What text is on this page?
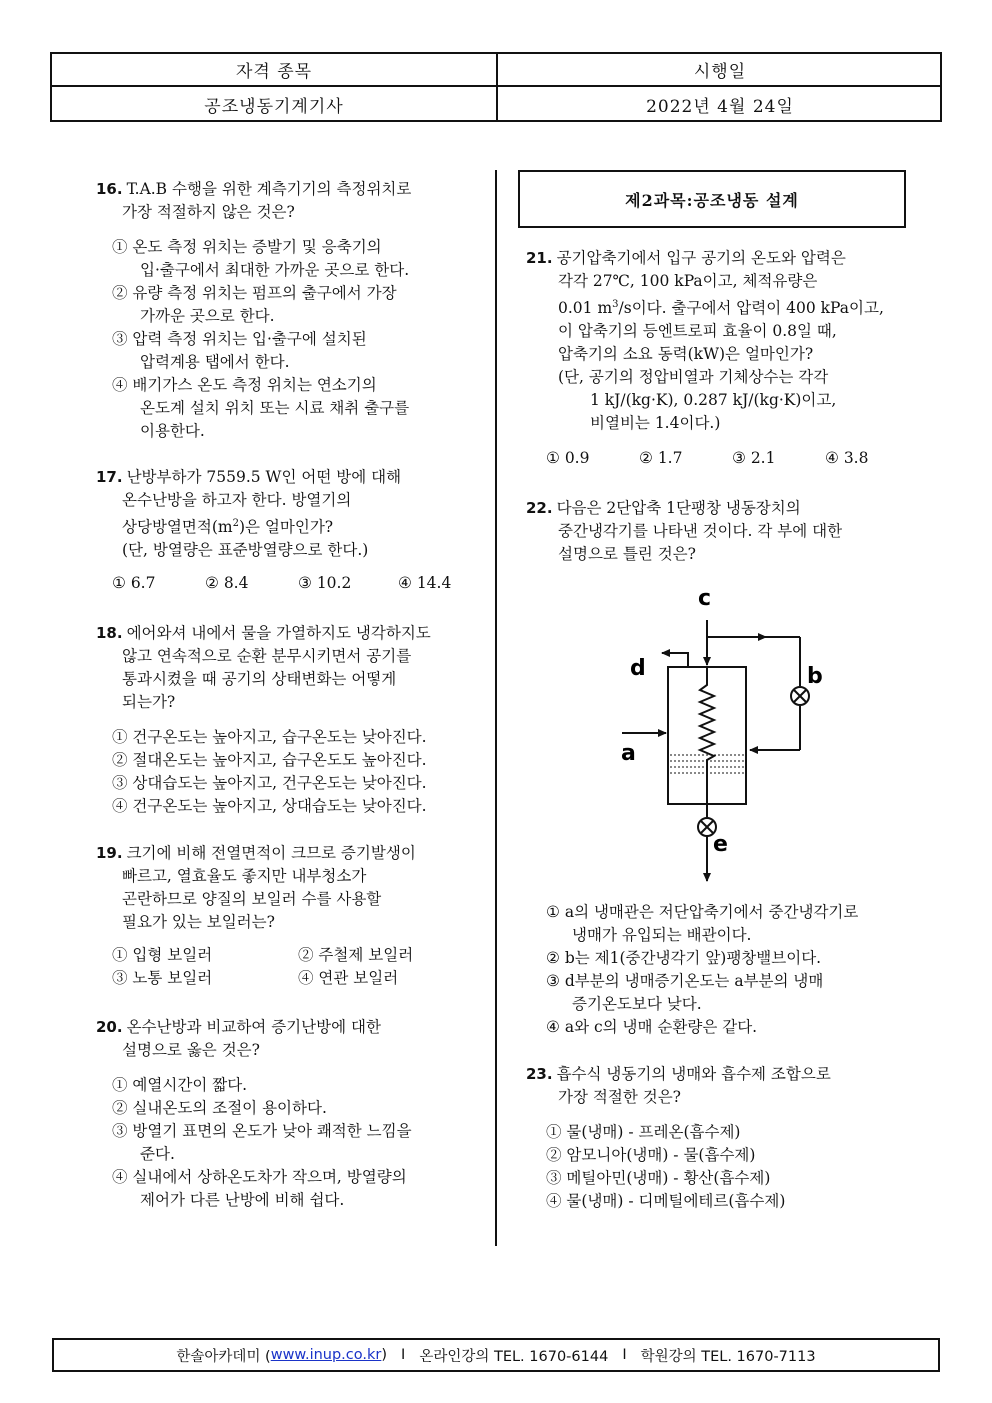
자격 종목	시행일
공조냉동기계기사	2022년 4월 24일
16. T.A.B 수행을 위한 계측기기의 측정위치로
가장 적절하지 않은 것은?
① 온도 측정 위치는 증발기 및 응축기의
입·출구에서 최대한 가까운 곳으로 한다.
② 유량 측정 위치는 펌프의 출구에서 가장
가까운 곳으로 한다.
③ 압력 측정 위치는 입·출구에 설치된
압력계용 탭에서 한다.
④ 배기가스 온도 측정 위치는 연소기의
온도계 설치 위치 또는 시료 채취 출구를
이용한다.
17. 난방부하가 7559.5 W인 어떤 방에 대해
온수난방을 하고자 한다. 방열기의
상당방열면적$(m^2)$은 얼마인가?
(단, 방열량은 표준방열량으로 한다.)
① 6.7	② 8.4	③ 10.2	④ 14.4
18. 에어와셔 내에서 물을 가열하지도 냉각하지도
않고 연속적으로 순환 분무시키면서 공기를
통과시켰을 때 공기의 상태변화는 어떻게
되는가?
① 건구온도는 높아지고, 습구온도는 낮아진다.
② 절대온도는 높아지고, 습구온도도 높아진다.
③ 상대습도는 높아지고, 건구온도는 낮아진다.
④ 건구온도는 높아지고, 상대습도는 낮아진다.
19. 크기에 비해 전열면적이 크므로 증기발생이
빠르고, 열효율도 좋지만 내부청소가
곤란하므로 양질의 보일러 수를 사용할
필요가 있는 보일러는?
① 입형 보일러	② 주철제 보일러
③ 노통 보일러	④ 연관 보일러
20. 온수난방과 비교하여 증기난방에 대한
설명으로 옳은 것은?
① 예열시간이 짧다.
② 실내온도의 조절이 용이하다.
③ 방열기 표면의 온도가 낮아 쾌적한 느낌을
준다.
④ 실내에서 상하온도차가 작으며, 방열량의
제어가 다른 난방에 비해 쉽다.
제2과목:공조냉동 설계
21. 공기압축기에서 입구 공기의 온도와 압력은
각각 27℃, 100 kPa이고, 체적유량은
0.01 $m^3/s$이다. 출구에서 압력이 400 kPa이고,
이 압축기의 등엔트로피 효율이 0.8일 때,
압축기의 소요 동력(kW)은 얼마인가?
(단, 공기의 정압비열과 기체상수는 각각
1 kJ/(kg·K), 0.287 kJ/(kg·K)이고,
비열비는 1.4이다.)
① 0.9	② 1.7	③ 2.1	④ 3.8
22. 다음은 2단압축 1단팽창 냉동장치의
중간냉각기를 나타낸 것이다. 각 부에 대한
설명으로 틀린 것은?
① a의 냉매관은 저단압축기에서 중간냉각기로
냉매가 유입되는 배관이다.
② b는 제1(중간냉각기 앞)팽창밸브이다.
③ d부분의 냉매증기온도는 a부분의 냉매
증기온도보다 낮다.
④ a와 c의 냉매 순환량은 같다.
23. 흡수식 냉동기의 냉매와 흡수제 조합으로
가장 적절한 것은?
① 물(냉매) - 프레온(흡수제)
② 암모니아(냉매) - 물(흡수제)
③ 메틸아민(냉매) - 황산(흡수제)
④ 물(냉매) - 디메틸에테르(흡수제)
c
d	b
a
e
한솔아카데미 ( www.inup.co.kr ) I 온라인강의 TEL. 1670-6144 I 학원강의 TEL. 1670-7113
